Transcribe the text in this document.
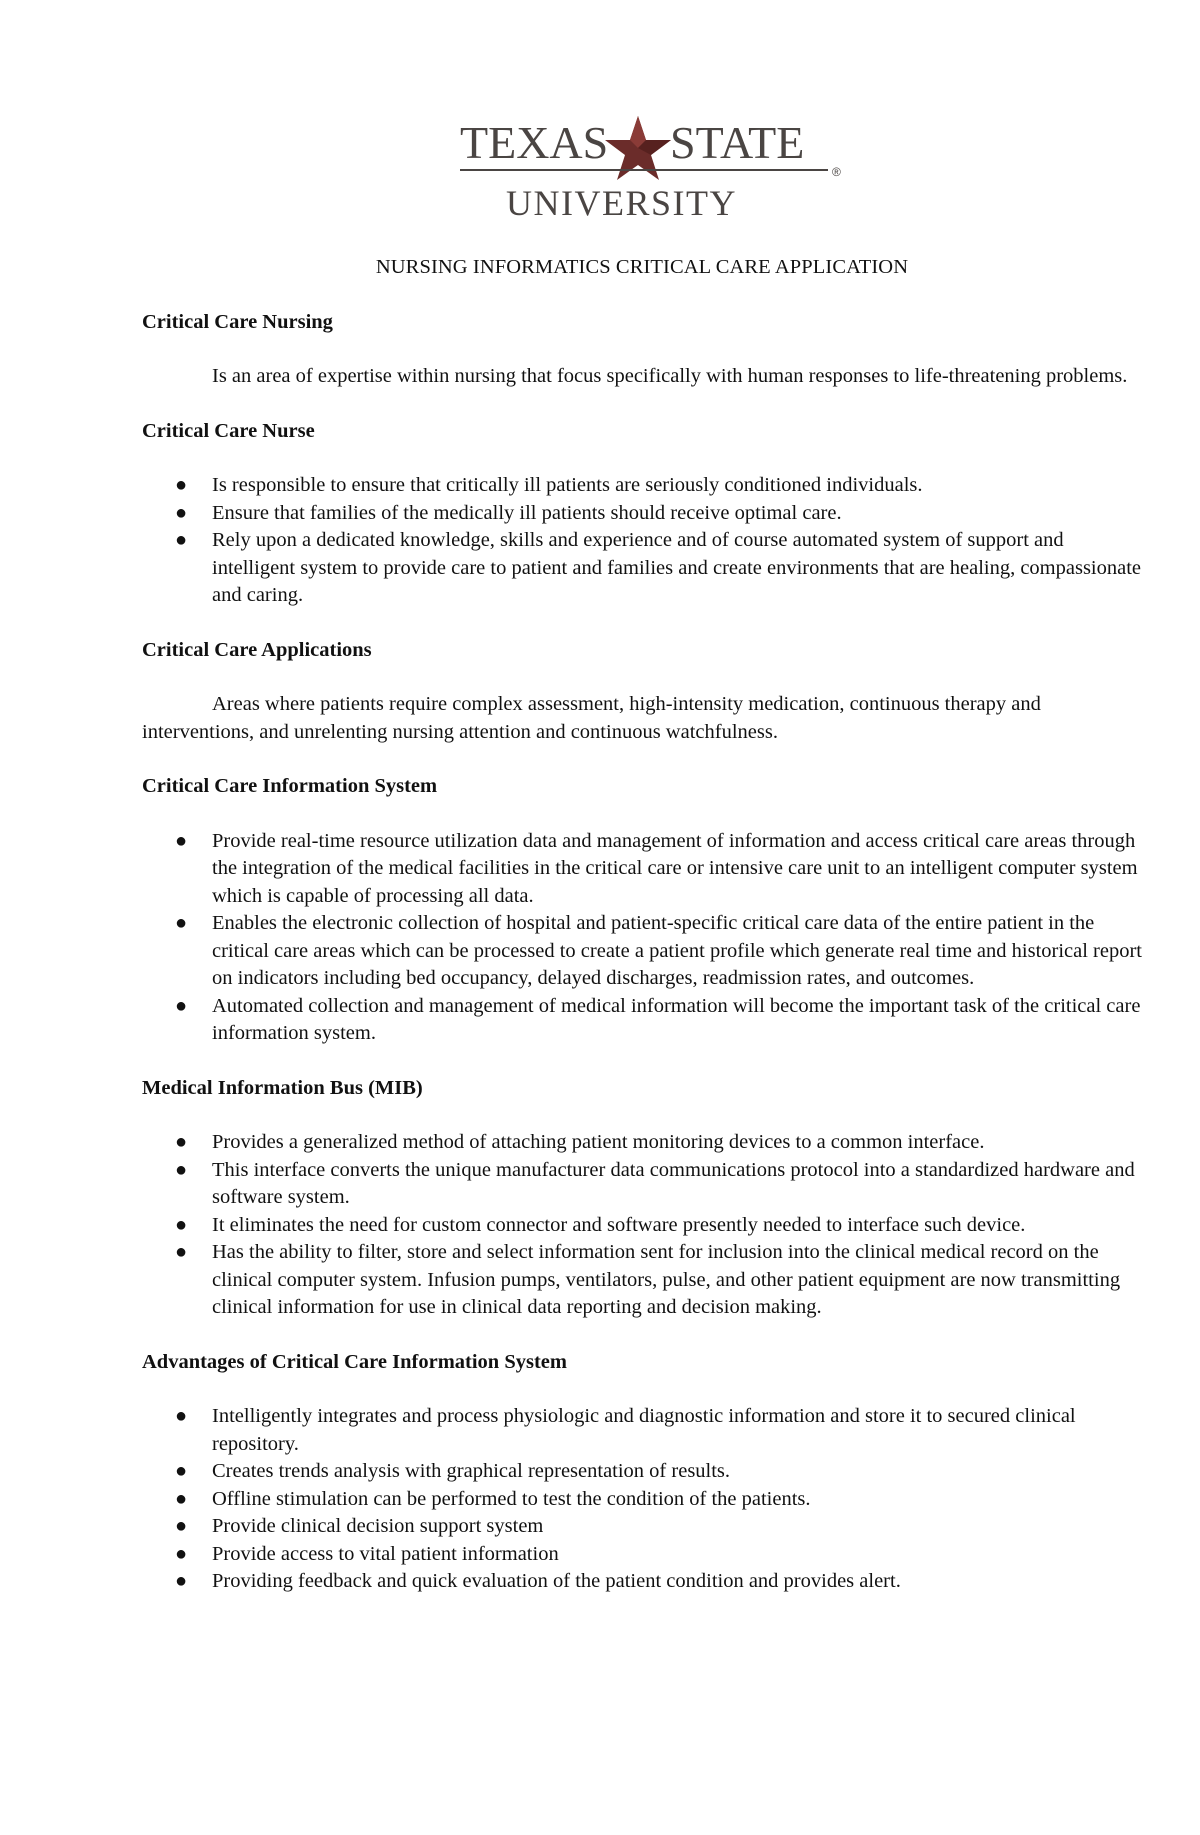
TEXAS STATE
®
UNIVERSITY
NURSING INFORMATICS CRITICAL CARE APPLICATION
Critical Care Nursing

Is an area of expertise within nursing that focus specifically with human responses to life-threatening problems.

Critical Care Nurse
● Is responsible to ensure that critically ill patients are seriously conditioned individuals.
● Ensure that families of the medically ill patients should receive optimal care.
● Rely upon a dedicated knowledge, skills and experience and of course automated system of support and intelligent system to provide care to patient and families and create environments that are healing, compassionate and caring.
Critical Care Applications

Areas where patients require complex assessment, high-intensity medication, continuous therapy and interventions, and unrelenting nursing attention and continuous watchfulness.

Critical Care Information System
● Provide real-time resource utilization data and management of information and access critical care areas through the integration of the medical facilities in the critical care or intensive care unit to an intelligent computer system which is capable of processing all data.
● Enables the electronic collection of hospital and patient-specific critical care data of the entire patient in the critical care areas which can be processed to create a patient profile which generate real time and historical report on indicators including bed occupancy, delayed discharges, readmission rates, and outcomes.
● Automated collection and management of medical information will become the important task of the critical care information system.
Medical Information Bus (MIB)
● Provides a generalized method of attaching patient monitoring devices to a common interface.
● This interface converts the unique manufacturer data communications protocol into a standardized hardware and software system.
● It eliminates the need for custom connector and software presently needed to interface such device.
● Has the ability to filter, store and select information sent for inclusion into the clinical medical record on the clinical computer system. Infusion pumps, ventilators, pulse, and other patient equipment are now transmitting clinical information for use in clinical data reporting and decision making.
Advantages of Critical Care Information System
● Intelligently integrates and process physiologic and diagnostic information and store it to secured clinical repository.
● Creates trends analysis with graphical representation of results.
● Offline stimulation can be performed to test the condition of the patients.
● Provide clinical decision support system
● Provide access to vital patient information
● Providing feedback and quick evaluation of the patient condition and provides alert.
